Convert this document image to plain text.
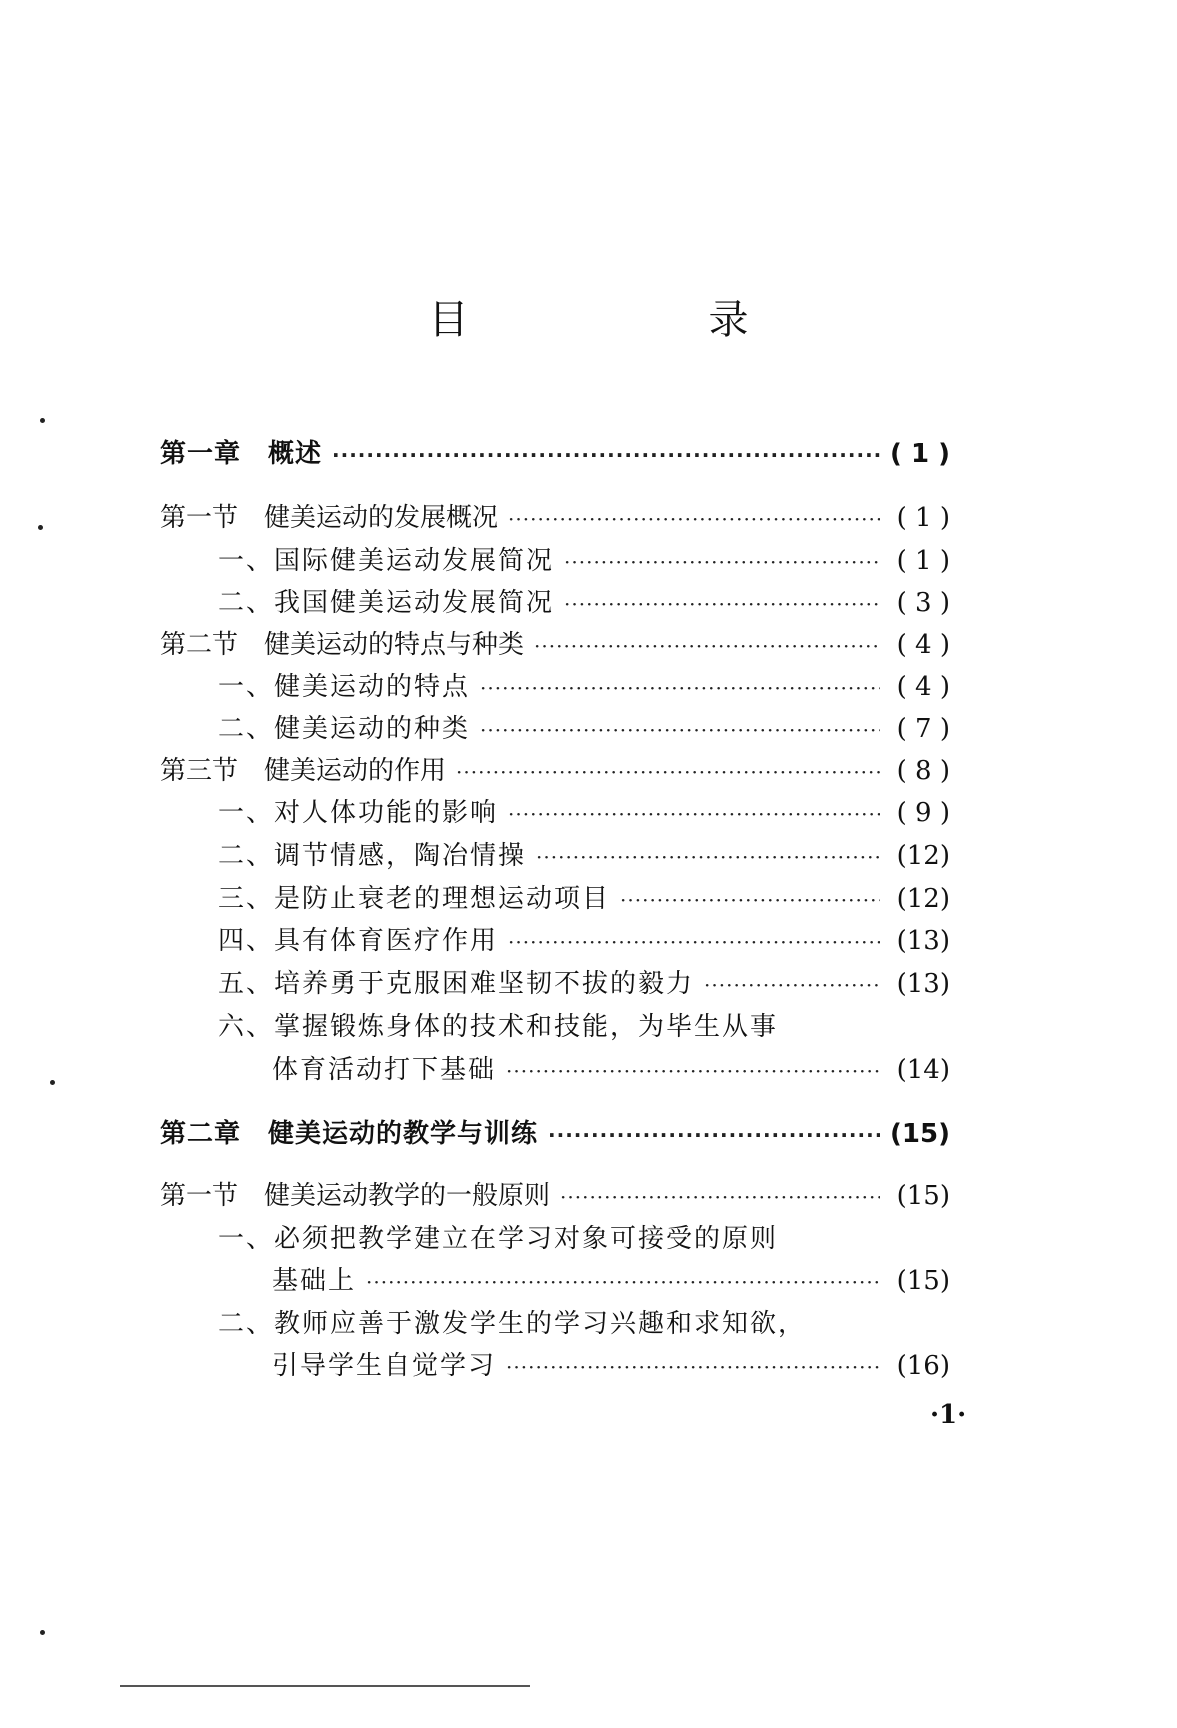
目　录
第一章　概述 ·····	( 1 )
第一节　健美运动的发展概况 ·····	( 1 )
一、国际健美运动发展简况 ·····	( 1 )
二、我国健美运动发展简况 ·····	( 3 )
第二节　健美运动的特点与种类 ·····	( 4 )
一、健美运动的特点 ·····	( 4 )
二、健美运动的种类 ·····	( 7 )
第三节　健美运动的作用 ·····	( 8 )
一、对人体功能的影响 ·····	( 9 )
二、调节情感，陶冶情操 ·····	(12)
三、是防止衰老的理想运动项目 ·····	(12)
四、具有体育医疗作用 ·····	(13)
五、培养勇于克服困难坚韧不拔的毅力 ·····	(13)
六、掌握锻炼身体的技术和技能，为毕生从事
体育活动打下基础 ·····	(14)
第二章　健美运动的教学与训练 ·····	(15)
第一节　健美运动教学的一般原则 ·····	(15)
一、必须把教学建立在学习对象可接受的原则
基础上 ·····	(15)
二、教师应善于激发学生的学习兴趣和求知欲，
引导学生自觉学习 ·····	(16)
·1·
